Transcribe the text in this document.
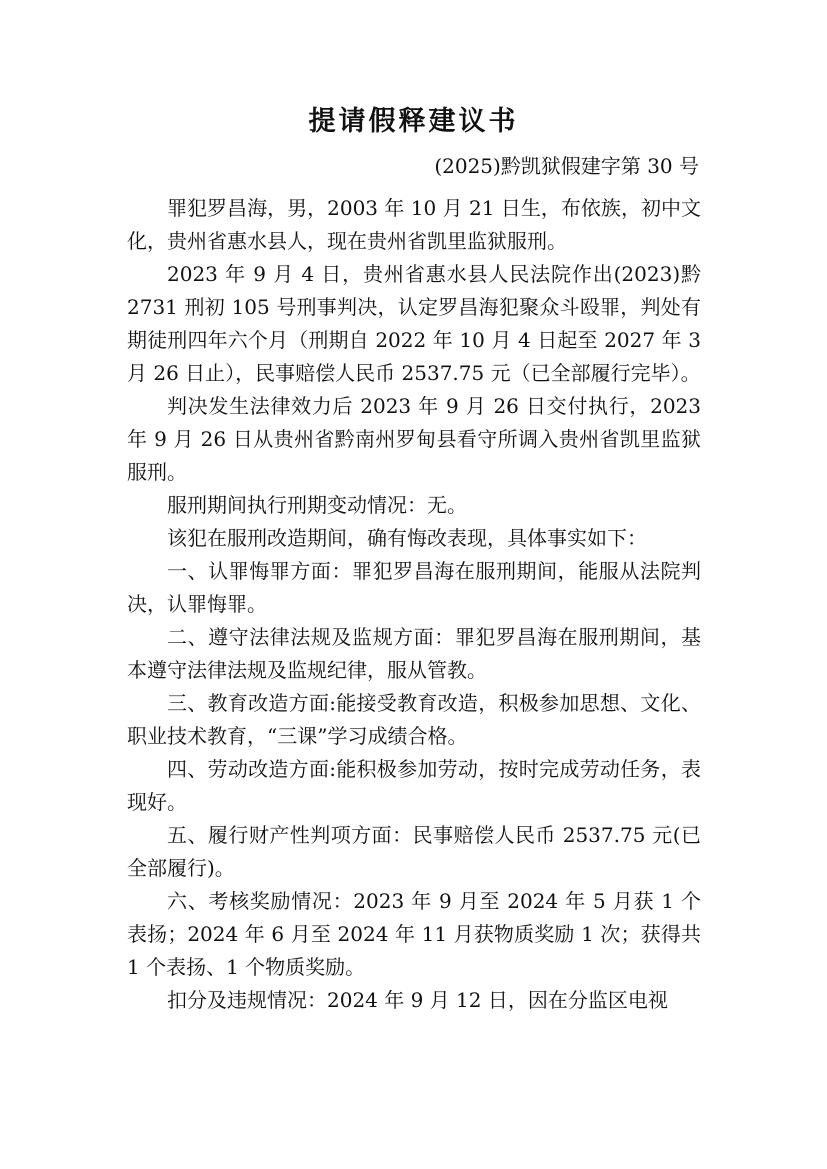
提请假释建议书
(2025)黔凯狱假建字第 30 号

罪犯罗昌海，男，2003 年 10 月 21 日生，布依族，初中文化，贵州省惠水县人，现在贵州省凯里监狱服刑。

2023 年 9 月 4 日，贵州省惠水县人民法院作出(2023)黔 2731 刑初 105 号刑事判决，认定罗昌海犯聚众斗殴罪，判处有期徒刑四年六个月（刑期自 2022 年 10 月 4 日起至 2027 年 3 月 26 日止），民事赔偿人民币 2537.75 元（已全部履行完毕）。

判决发生法律效力后 2023 年 9 月 26 日交付执行，2023 年 9 月 26 日从贵州省黔南州罗甸县看守所调入贵州省凯里监狱服刑。

服刑期间执行刑期变动情况：无。

该犯在服刑改造期间，确有悔改表现，具体事实如下：

一、认罪悔罪方面：罪犯罗昌海在服刑期间，能服从法院判决，认罪悔罪。

二、遵守法律法规及监规方面：罪犯罗昌海在服刑期间，基本遵守法律法规及监规纪律，服从管教。

三、教育改造方面:能接受教育改造，积极参加思想、文化、职业技术教育，“三课”学习成绩合格。

四、劳动改造方面:能积极参加劳动，按时完成劳动任务，表现好。

五、履行财产性判项方面：民事赔偿人民币 2537.75 元(已全部履行)。

六、考核奖励情况：2023 年 9 月至 2024 年 5 月获 1 个表扬；2024 年 6 月至 2024 年 11 月获物质奖励 1 次；获得共 1 个表扬、1 个物质奖励。

扣分及违规情况：2024 年 9 月 12 日，因在分监区电视
